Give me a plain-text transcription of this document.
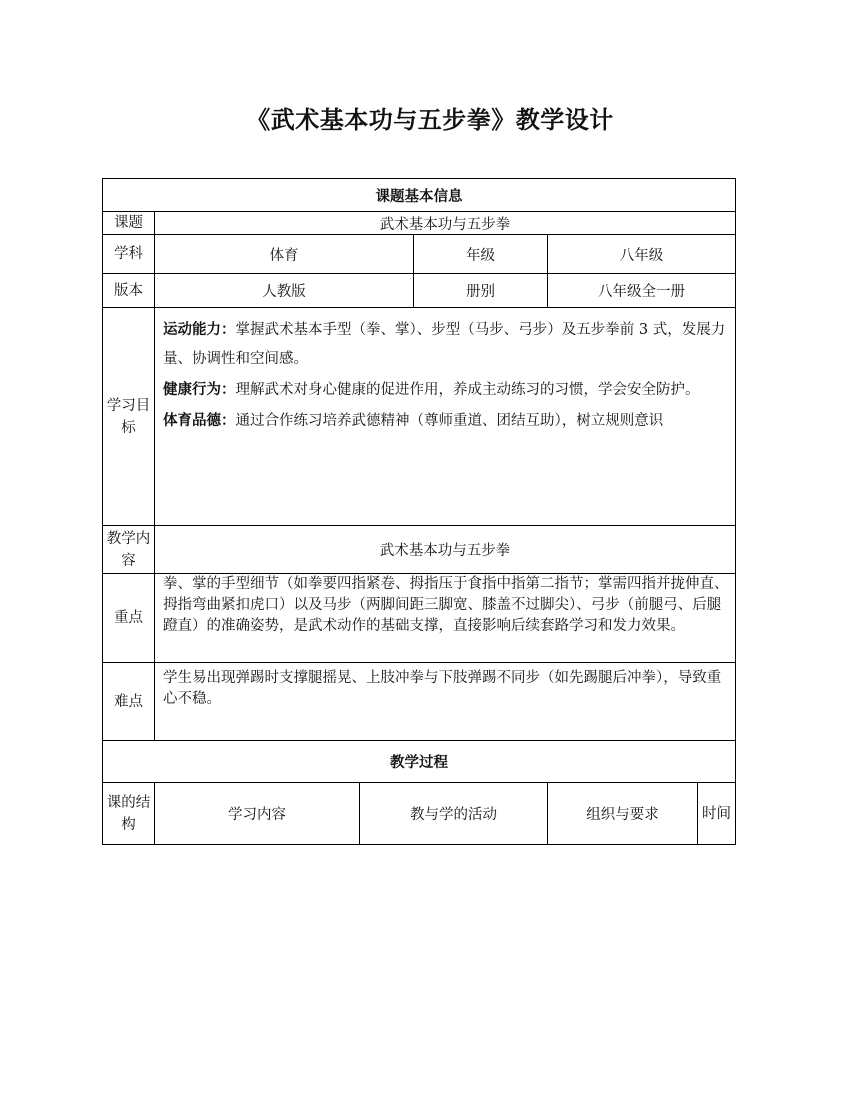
《武术基本功与五步拳》教学设计
课题基本信息					
课题	武术基本功与五步拳				
学科	体育		年级	八年级	
版本	人教版		册别	八年级全一册	
学习目标	运动能力：掌握武术基本手型（拳、掌）、步型（马步、弓步）及五步拳前 3 式，发展力量、协调性和空间感。

健康行为：理解武术对身心健康的促进作用，养成主动练习的习惯，学会安全防护。

体育品德：通过合作练习培养武德精神（尊师重道、团结互助），树立规则意识				

教学内容	武术基本功与五步拳				
重点	拳、掌的手型细节（如拳要四指紧卷、拇指压于食指中指第二指节；掌需四指并拢伸直、拇指弯曲紧扣虎口）以及马步（两脚间距三脚宽、膝盖不过脚尖）、弓步（前腿弓、后腿蹬直）的准确姿势，是武术动作的基础支撑，直接影响后续套路学习和发力效果。				
难点	学生易出现弹踢时支撑腿摇晃、上肢冲拳与下肢弹踢不同步（如先踢腿后冲拳），导致重心不稳。				
教学过程					
课的结构	学习内容	教与学的活动		组织与要求	时间
